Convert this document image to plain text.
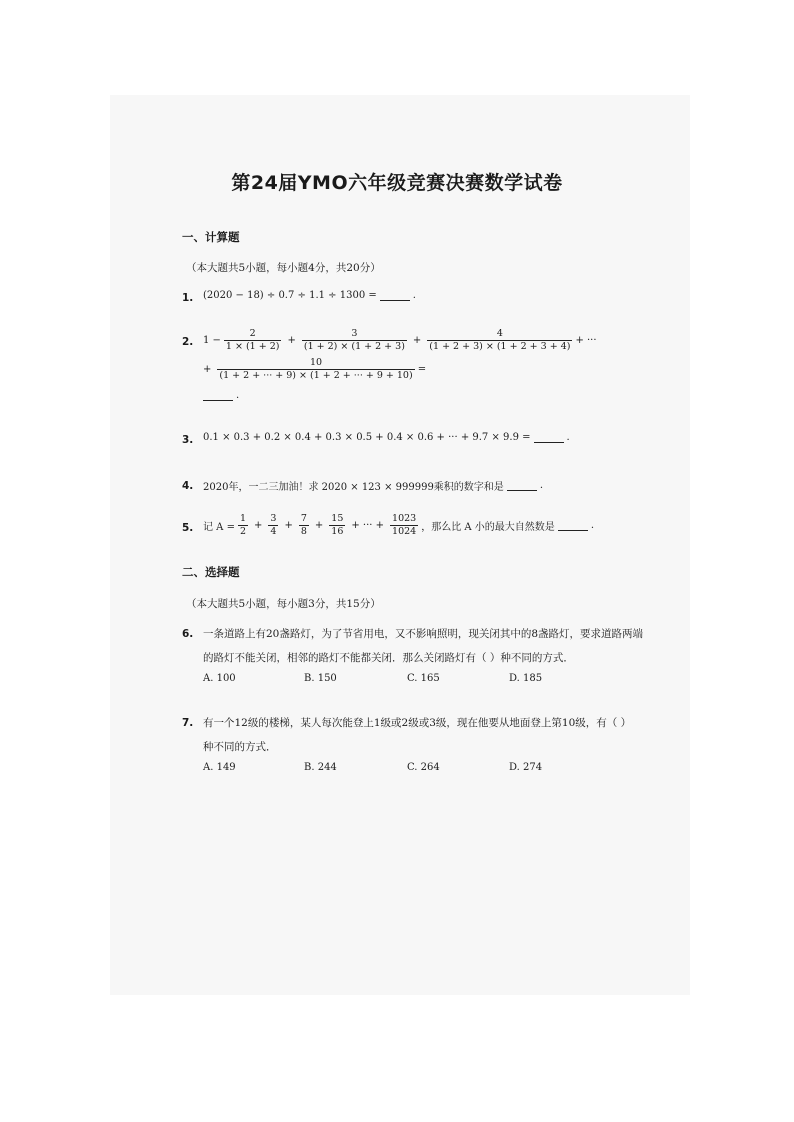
第24届YMO六年级竞赛决赛数学试卷
一、计算题
（本大题共5小题，每小题4分，共20分）
1. (2020 − 18) ÷ 0.7 ÷ 1.1 ÷ 1300 =	.
2. $1 - \frac{2}{1 \times (1 + 2)} + \frac{3}{(1 + 2) \times (1 + 2 + 3)} + \frac{4}{(1 + 2 + 3) \times (1 + 2 + 3 + 4)}$ + ···
+ $\frac{10}{(1 + 2 + \cdot\cdot\cdot + 9) \times (1 + 2 + \cdot\cdot\cdot + 9 + 10)}$ =
.
3. 0.1 × 0.3 + 0.2 × 0.4 + 0.3 × 0.5 + 0.4 × 0.6 + ··· + 9.7 × 9.9 =	.
4. 2020年，一二三加油！求 2020 × 123 × 999999乘积的数字和是	.
5. 记 $A = \frac{1}{2} + \frac{3}{4} + \frac{7}{8} + \frac{15}{16}$ + ··· + $\frac{1023}{1024}$ ，那么比 A 小的最大自然数是	.
二、选择题
（本大题共5小题，每小题3分，共15分）
6. 一条道路上有20盏路灯，为了节省用电，又不影响照明，现关闭其中的8盏路灯，要求道路两端
的路灯不能关闭，相邻的路灯不能都关闭．那么关闭路灯有（ ）种不同的方式．
A. 100	B. 150	C. 165	D. 185
7. 有一个12级的楼梯，某人每次能登上1级或2级或3级，现在他要从地面登上第10级，有（ ）
种不同的方式．
A. 149	B. 244	C. 264	D. 274
